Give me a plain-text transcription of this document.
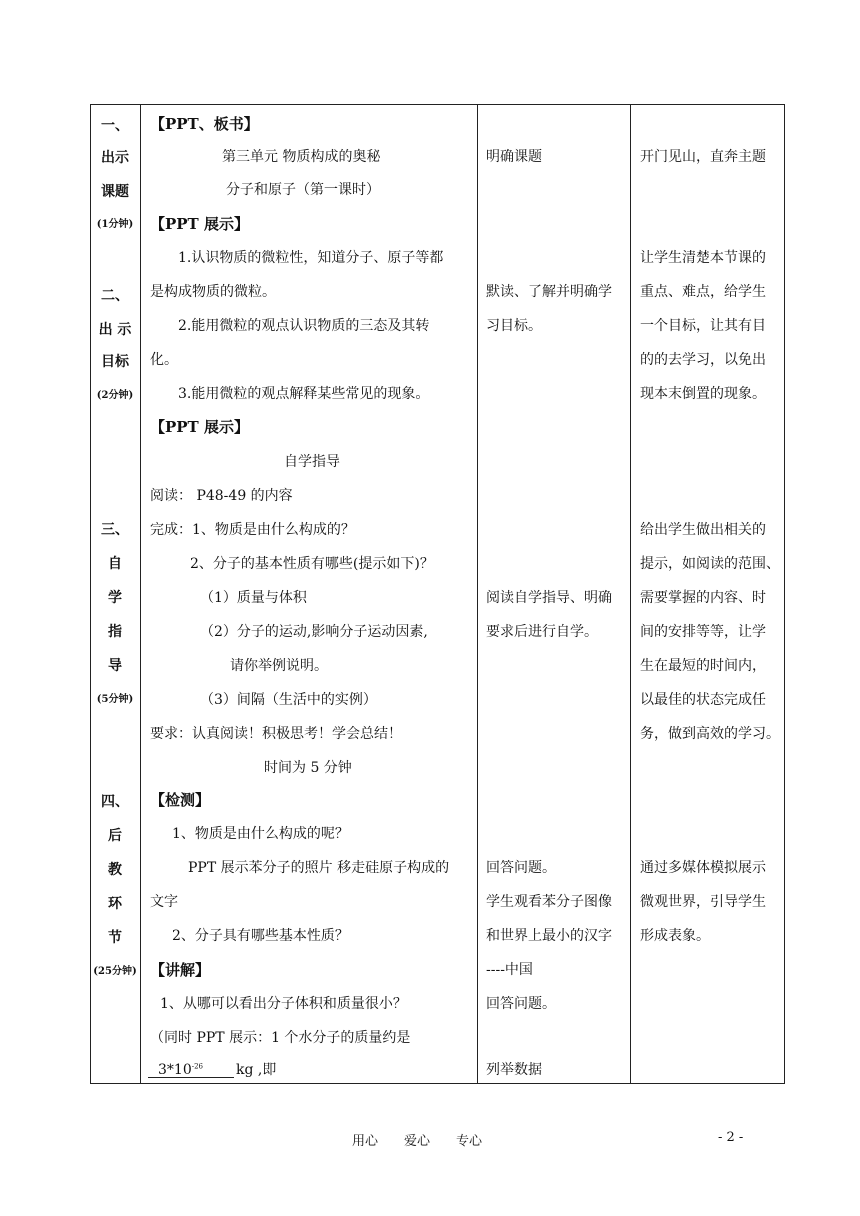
一、
出示
课题
(1分钟)
二、
出 示
目标
(2分钟)
三、
自
学
指
导
(5分钟)
四、
后
教
环
节
(25分钟)
【PPT、板书】
第三单元 物质构成的奥秘
分子和原子（第一课时）
【PPT 展示】
1.认识物质的微粒性，知道分子、原子等都
是构成物质的微粒。
2.能用微粒的观点认识物质的三态及其转
化。
3.能用微粒的观点解释某些常见的现象。
【PPT 展示】
自学指导
阅读： P48-49 的内容
完成：1、物质是由什么构成的？
2、分子的基本性质有哪些(提示如下)？
（1）质量与体积
（2）分子的运动,影响分子运动因素,
请你举例说明。
（3）间隔（生活中的实例）
要求：认真阅读！积极思考！学会总结！
时间为 5 分钟
【检测】
1、物质是由什么构成的呢？
PPT 展示苯分子的照片 移走硅原子构成的
文字
2、分子具有哪些基本性质？
【讲解】
1、从哪可以看出分子体积和质量很小？
（同时 PPT 展示：1 个水分子的质量约是
$3*10^{-26}$ kg ,即
明确课题
默读、了解并明确学
习目标。
阅读自学指导、明确
要求后进行自学。
回答问题。
学生观看苯分子图像
和世界上最小的汉字
----中国
回答问题。
列举数据
开门见山，直奔主题
让学生清楚本节课的
重点、难点，给学生
一个目标，让其有目
的的去学习，以免出
现本末倒置的现象。
给出学生做出相关的
提示，如阅读的范围、
需要掌握的内容、时
间的安排等等，让学
生在最短的时间内，
以最佳的状态完成任
务，做到高效的学习。
通过多媒体模拟展示
微观世界，引导学生
形成表象。
用心　　爱心　　专心	- 2 -
